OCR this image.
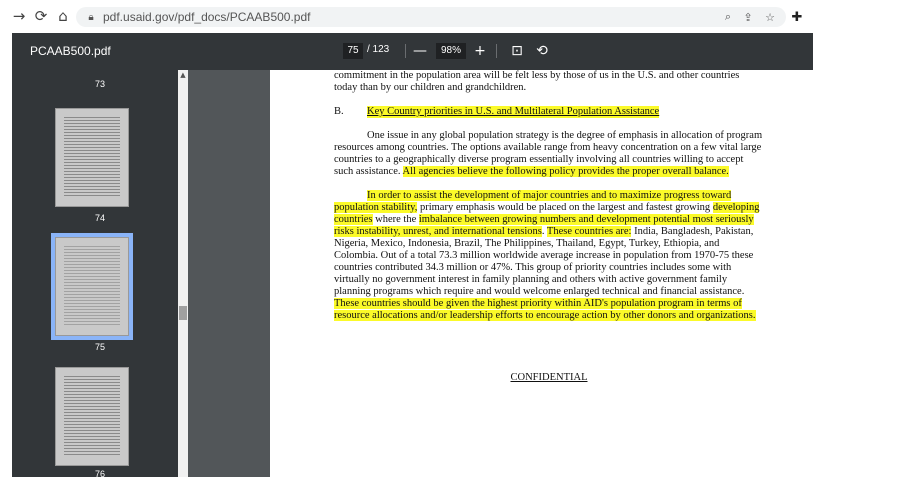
→ ⟳ ⌂	🔒︎ pdf.usaid.gov/pdf_docs/PCAAB500.pdf	⌕	⇪	☆ ✚
PCAAB500.pdf	75 / 123 —	98% + ⊡ ⟲
73
74
75
76
▲	commitment in the population area will be felt less by those of us in the U.S. and other countries
today than by our children and grandchildren.

B. Key Country priorities in U.S. and Multilateral Population Assistance

One issue in any global population strategy is the degree of emphasis in allocation of program resources among countries. The options available range from heavy concentration on a few vital large countries to a geographically diverse program essentially involving all countries willing to accept such assistance. All agencies believe the following policy provides the proper overall balance.

In order to assist the development of major countries and to maximize progress toward population stability, primary emphasis would be placed on the largest and fastest growing developing countries where the imbalance between growing numbers and development potential most seriously risks instability, unrest, and international tensions. These countries are: India, Bangladesh, Pakistan, Nigeria, Mexico, Indonesia, Brazil, The Philippines, Thailand, Egypt, Turkey, Ethiopia, and Colombia. Out of a total 73.3 million worldwide average increase in population from 1970-75 these countries contributed 34.3 million or 47%. This group of priority countries includes some with virtually no government interest in family planning and others with active government family planning programs which require and would welcome enlarged technical and financial assistance. These countries should be given the highest priority within AID's population program in terms of resource allocations and/or leadership efforts to encourage action by other donors and organizations.

CONFIDENTIAL
